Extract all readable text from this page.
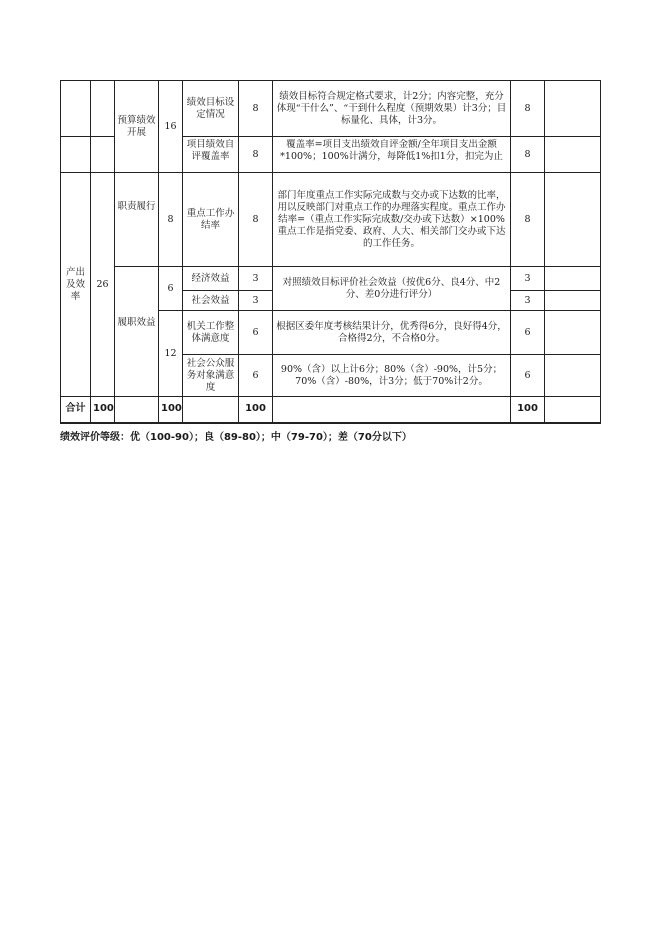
		预算绩效开展	16	绩效目标设定情况	8	绩效目标符合规定格式要求，计2分；内容完整，充分体现“干什么”、“干到什么程度（预期效果）计3分；目标量化、具体，计3分。	8	

				项目绩效自评覆盖率	8	覆盖率=项目支出绩效自评金额/全年项目支出金额*100%；100%计满分，每降低1%扣1分，扣完为止	8	
产出及效率	26	职责履行	8	重点工作办结率	8	部门年度重点工作实际完成数与交办或下达数的比率，用以反映部门对重点工作的办理落实程度。重点工作办结率=（重点工作实际完成数/交办或下达数）×100% 重点工作是指党委、政府、人大、相关部门交办或下达的工作任务。	8	
		履职效益	6	经济效益	3	对照绩效目标评价社会效益（按优6分、良4分、中2分、差0分进行评分）	3	
				社会效益	3		3	
			12	机关工作整体满意度	6	根据区委年度考核结果计分，优秀得6分，良好得4分，合格得2分，不合格0分。	6	
				社会公众服务对象满意度	6	90%（含）以上计6分；80%（含）-90%，计5分；70%（含）-80%，计3分；低于70%计2分。	6	
合计	100		100		100		100	
绩效评价等级：优（100-90）；良（89-80）；中（79-70）；差（70分以下）
